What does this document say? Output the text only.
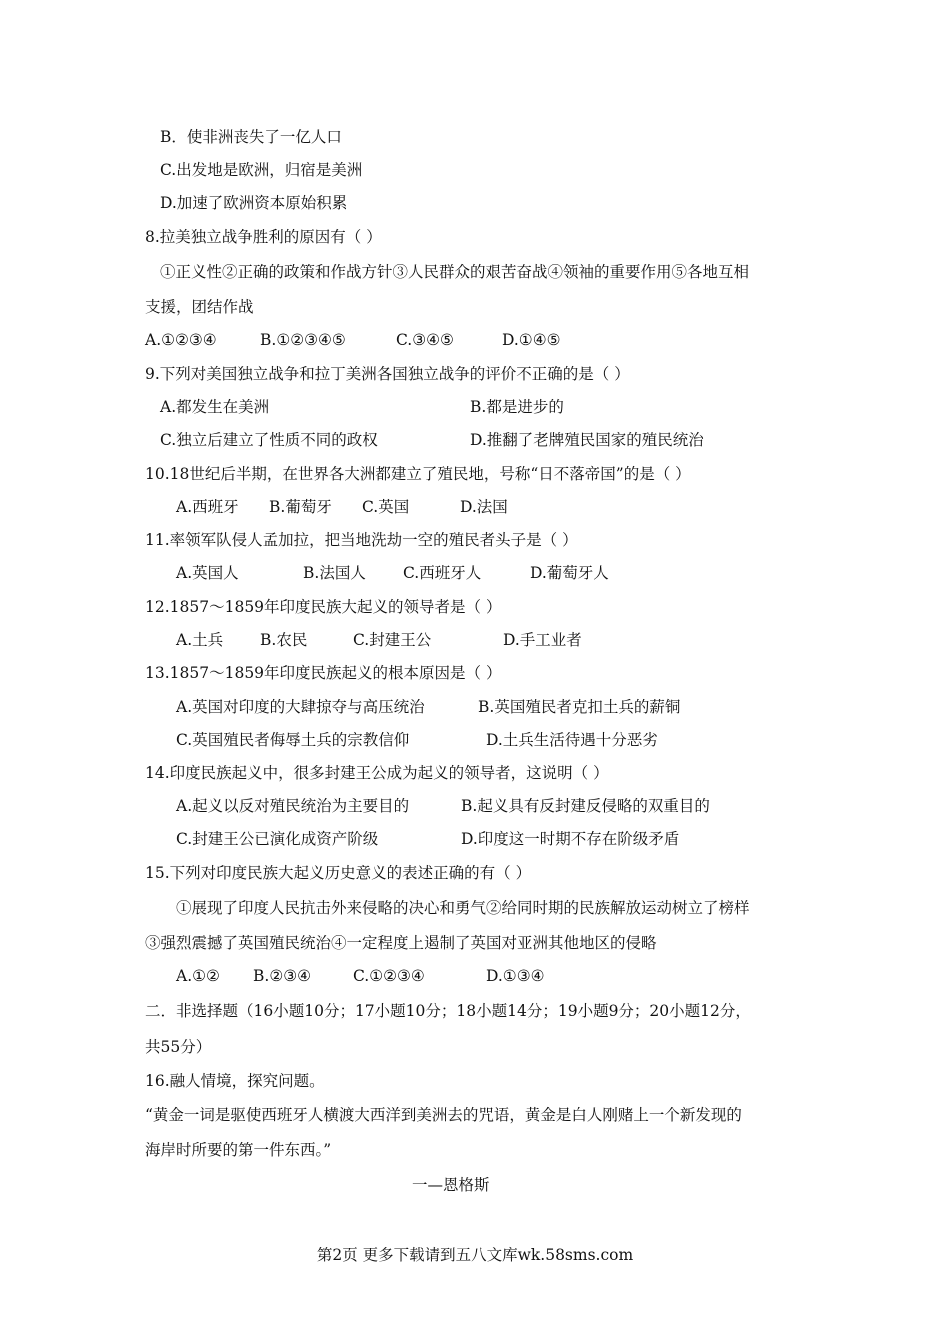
B．使非洲丧失了一亿人口
C.出发地是欧洲，归宿是美洲
D.加速了欧洲资本原始积累
8.拉美独立战争胜利的原因有（ ）
①正义性②正确的政策和作战方针③人民群众的艰苦奋战④领袖的重要作用⑤各地互相
支援，团结作战
A.①②③④	B.①②③④⑤	C.③④⑤	D.①④⑤
9.下列对美国独立战争和拉丁美洲各国独立战争的评价不正确的是（ ）
A.都发生在美洲	B.都是进步的
C.独立后建立了性质不同的政权	D.推翻了老牌殖民国家的殖民统治
10.18世纪后半期，在世界各大洲都建立了殖民地，号称“日不落帝国”的是（ ）
A.西班牙 B.葡萄牙 C.英国	D.法国
11.率领军队侵人孟加拉，把当地洗劫一空的殖民者头子是（ ）
A.英国人	B.法国人 C.西班牙人	D.葡萄牙人
12.1857～1859年印度民族大起义的领导者是（ ）
A.土兵 B.农民	C.封建王公	D.手工业者
13.1857～1859年印度民族起义的根本原因是（ ）
A.英国对印度的大肆掠夺与高压统治	B.英国殖民者克扣土兵的薪铜
C.英国殖民者侮辱土兵的宗教信仰	D.土兵生活待遇十分恶劣
14.印度民族起义中，很多封建王公成为起义的领导者，这说明（ ）
A.起义以反对殖民统治为主要目的	B.起义具有反封建反侵略的双重目的
C.封建王公已演化成资产阶级	D.印度这一时期不存在阶级矛盾
15.下列对印度民族大起义历史意义的表述正确的有（ ）
①展现了印度人民抗击外来侵略的决心和勇气②给同时期的民族解放运动树立了榜样
③强烈震撼了英国殖民统治④一定程度上遏制了英国对亚洲其他地区的侵略
A.①② B.②③④	C.①②③④	D.①③④
二．非选择题（16小题10分；17小题10分；18小题14分；19小题9分；20小题12分，
共55分）
16.融人情境，探究问题。
“黄金一词是驱使西班牙人横渡大西洋到美洲去的咒语，黄金是白人刚赌上一个新发现的
海岸时所要的第一件东西。”
一—恩格斯
第2页 更多下载请到五八文库wk.58sms.com
